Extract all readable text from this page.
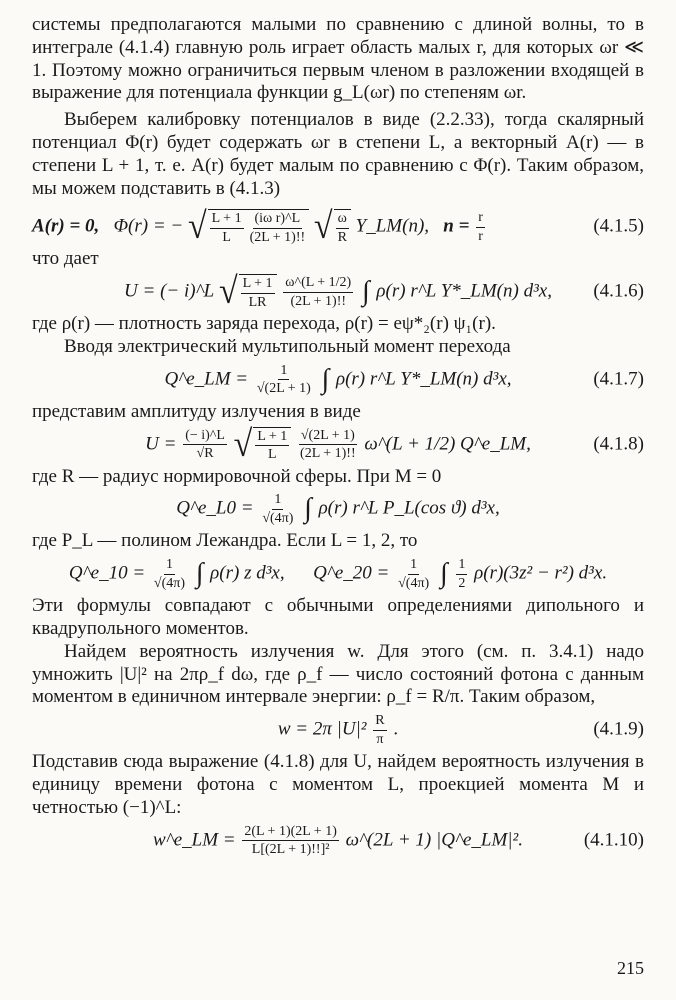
системы предполагаются малыми по сравнению с длиной волны, то в интеграле (4.1.4) главную роль играет область малых r, для которых ωr ≪ 1. Поэтому можно ограничиться первым членом в разложении входящей в выражение для потенциала функции g_L(ωr) по степеням ωr.

Выберем калибровку потенциалов в виде (2.2.33), тогда скалярный потенциал Φ(r) будет содержать ωr в степени L, а векторный A(r) — в степени L + 1, т. е. A(r) будет малым по сравнению с Φ(r). Таким образом, мы можем подставить в (4.1.3)

A(r) = 0, Φ(r) = − √ $\frac{L + 1}{L} \frac{\text{(iω r)\textasciicircum{}L}}{(2L + 1)!!}$
√ $\frac{\omega}{R}$ Y_LM(n), $n = \frac{r}{r}$	(4.1.5)

что дает

U = (− i)^L √ $\frac{L + 1}{LR}$
$\frac{\omega\^{}(L + 1/2)}{(2L + 1)!!}$ ∫ ρ(r) r^L Y*_LM(n) d³x, (4.1.6)

где ρ(r) — плотность заряда перехода, ρ(r) = eψ*₂(r) ψ₁(r).

Вводя электрический мультипольный момент перехода

Q^e_LM = $\frac{1}{√(2L + 1)}$ ∫ ρ(r) r^L Y*_LM(n) d³x,	(4.1.7)

представим амплитуду излучения в виде

$U = \frac{(- i)\^{}L}{√R}$
√ $\frac{L + 1}{L}$
$\frac{√(2L + 1)}{(2L + 1)!!}$ ω^(L + 1/2) Q^e_LM,	(4.1.8)

где R — радиус нормировочной сферы. При M = 0

Q^e_L0 = $\frac{1}{√(4\pi)}$ ∫ ρ(r) r^L P_L(cos ϑ) d³x,

где P_L — полином Лежандра. Если L = 1, 2, то

Q^e_10 = $\frac{1}{√(4\pi)}$ ∫ ρ(r) z d³x, Q^e_20 = $\frac{1}{√(4\pi)}$ ∫ $\frac{1}{2} \rho(r)(3z^2 - r^2)$ d³x.

Эти формулы совпадают с обычными определениями дипольного и квадрупольного моментов.

Найдем вероятность излучения w. Для этого (см. п. 3.4.1) надо умножить |U|² на 2πρ_f dω, где ρ_f — число состояний фотона с данным моментом в единичном интервале энергии: ρ_f = R/π. Таким образом,

w = 2π $|U|^2 \frac{R}{\pi}$ .	(4.1.9)

Подставив сюда выражение (4.1.8) для U, найдем вероятность излучения в единицу времени фотона с моментом L, проекцией момента M и четностью (−1)^L:

w^e_LM = $\frac{2(L + 1)(2L + 1)}{\text{L[(2L + 1)!!]²}}$ ω^(2L + 1) |Q^e_LM|².	(4.1.10)
215
